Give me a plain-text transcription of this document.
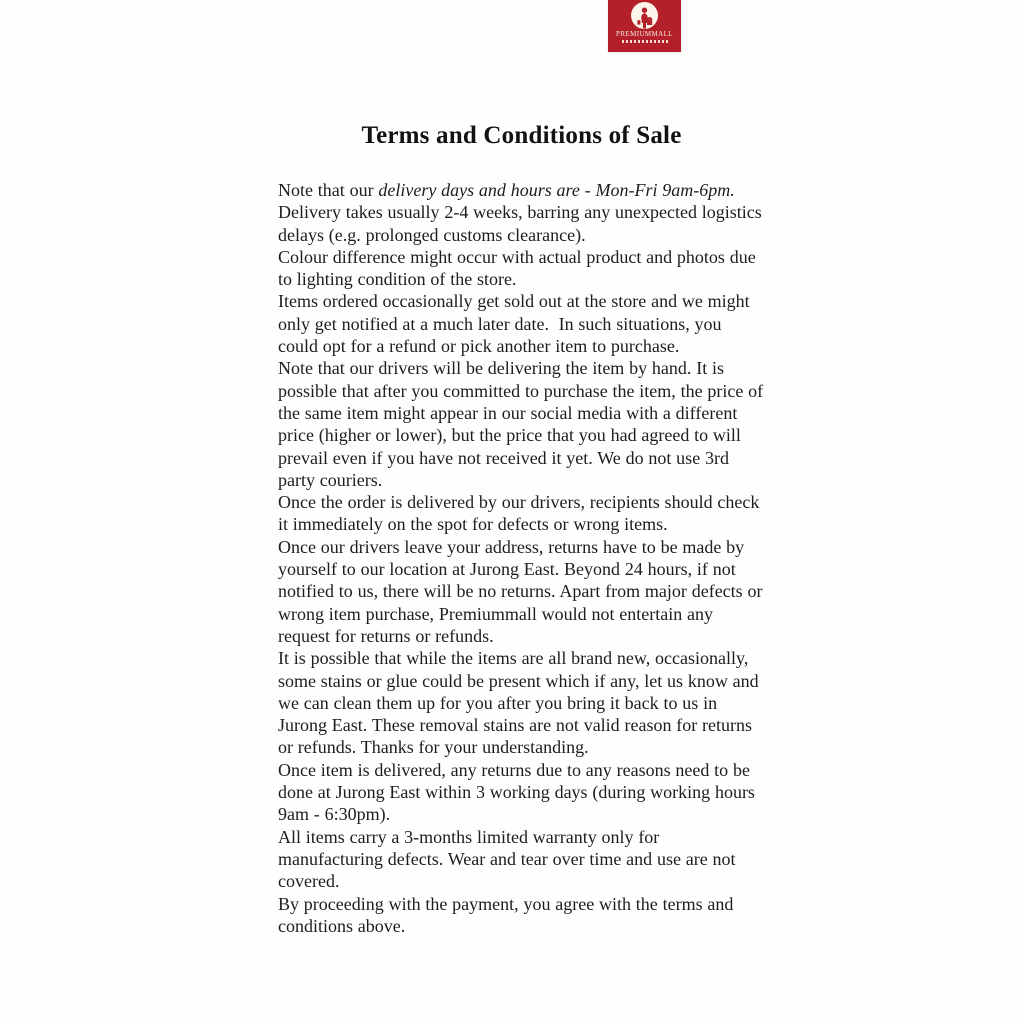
PREMIUMMALL
Terms and Conditions of Sale

Note that our delivery days and hours are - Mon-Fri 9am-6pm.

Delivery takes usually 2-4 weeks, barring any unexpected logistics delays (e.g. prolonged customs clearance).

Colour difference might occur with actual product and photos due to lighting condition of the store.

Items ordered occasionally get sold out at the store and we might only get notified at a much later date.  In such situations, you could opt for a refund or pick another item to purchase.

Note that our drivers will be delivering the item by hand. It is possible that after you committed to purchase the item, the price of the same item might appear in our social media with a different price (higher or lower), but the price that you had agreed to will prevail even if you have not received it yet. We do not use 3rd party couriers.

Once the order is delivered by our drivers, recipients should check it immediately on the spot for defects or wrong items.

Once our drivers leave your address, returns have to be made by yourself to our location at Jurong East. Beyond 24 hours, if not notified to us, there will be no returns. Apart from major defects or wrong item purchase, Premiummall would not entertain any request for returns or refunds.

It is possible that while the items are all brand new, occasionally, some stains or glue could be present which if any, let us know and we can clean them up for you after you bring it back to us in Jurong East. These removal stains are not valid reason for returns or refunds. Thanks for your understanding.

Once item is delivered, any returns due to any reasons need to be done at Jurong East within 3 working days (during working hours 9am - 6:30pm).

All items carry a 3-months limited warranty only for manufacturing defects. Wear and tear over time and use are not covered.

By proceeding with the payment, you agree with the terms and conditions above.
